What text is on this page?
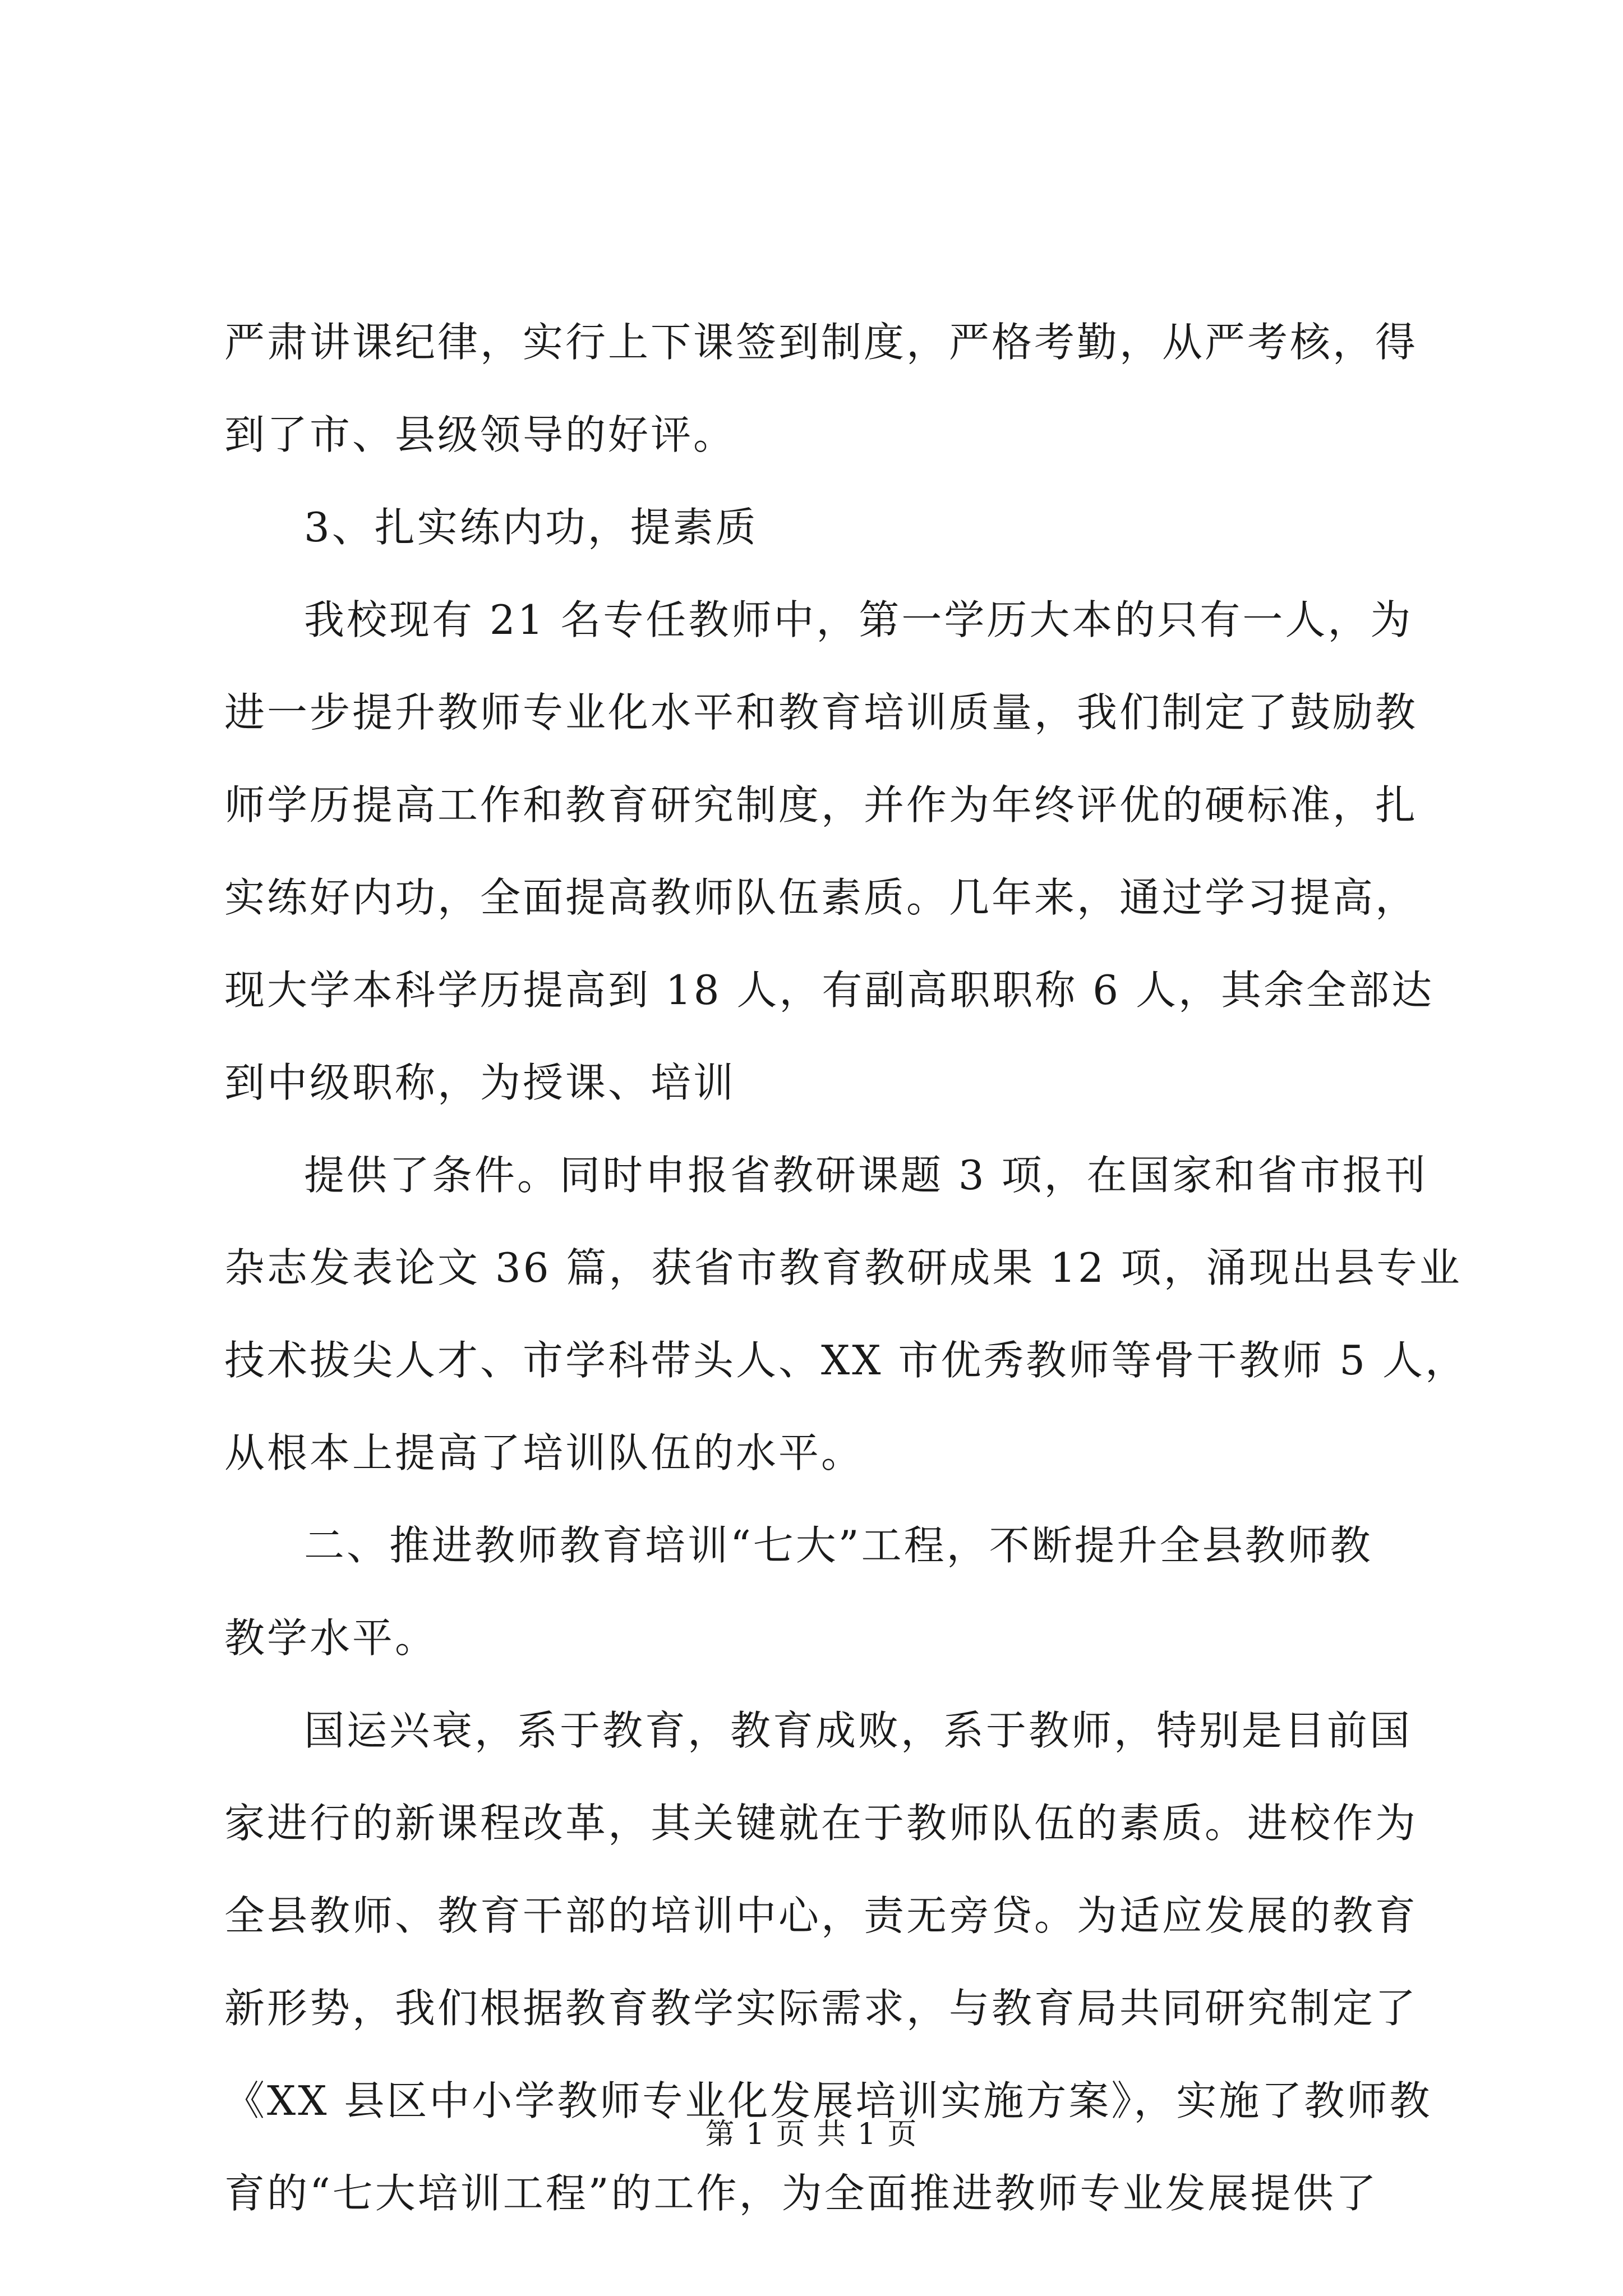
严肃讲课纪律，实行上下课签到制度，严格考勤，从严考核，得
到了市、县级领导的好评。
3、扎实练内功，提素质
我校现有 21 名专任教师中，第一学历大本的只有一人，为
进一步提升教师专业化水平和教育培训质量，我们制定了鼓励教
师学历提高工作和教育研究制度，并作为年终评优的硬标准，扎
实练好内功，全面提高教师队伍素质。几年来，通过学习提高，
现大学本科学历提高到 18 人，有副高职职称 6 人，其余全部达
到中级职称，为授课、培训
提供了条件。同时申报省教研课题 3 项，在国家和省市报刊
杂志发表论文 36 篇，获省市教育教研成果 12 项，涌现出县专业
技术拔尖人才、市学科带头人、XX 市优秀教师等骨干教师 5 人，
从根本上提高了培训队伍的水平。
二、推进教师教育培训“七大”工程，不断提升全县教师教
教学水平。
国运兴衰，系于教育，教育成败，系于教师，特别是目前国
家进行的新课程改革，其关键就在于教师队伍的素质。进校作为
全县教师、教育干部的培训中心，责无旁贷。为适应发展的教育
新形势，我们根据教育教学实际需求，与教育局共同研究制定了
《XX 县区中小学教师专业化发展培训实施方案》，实施了教师教
育的“七大培训工程”的工作，为全面推进教师专业发展提供了
第 1 页 共 1 页
